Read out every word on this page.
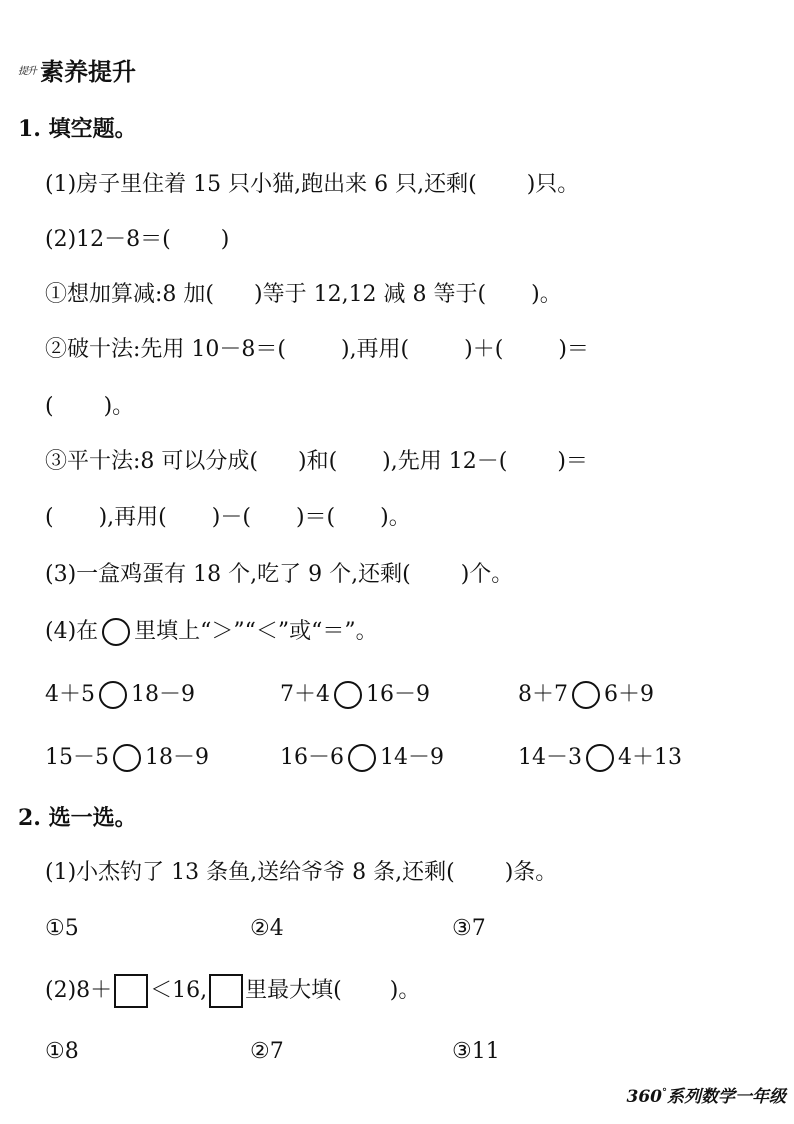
提升 素养提升
1. 填空题。
(1)房子里住着 15 只小猫,跑出来 6 只,还剩( )只。
(2)12－8＝( )
①想加算减:8 加( )等于 12,12 减 8 等于( )。
②破十法:先用 10－8＝(	),再用(	)＋(	)＝
( )。
③平十法:8 可以分成( )和( ),先用 12－( )＝
( ),再用( )－( )＝( )。
(3)一盒鸡蛋有 18 个,吃了 9 个,还剩( )个。
(4)在 里填上“＞”“＜”或“＝”。
4＋5 18－9	7＋4 16－9	8＋7 6＋9
15－5 18－9	16－6 14－9	14－3 4＋13
2. 选一选。
(1)小杰钓了 13 条鱼,送给爷爷 8 条,还剩( )条。
①5	②4	③7
(2)8＋ ＜16, 里最大填( )。
①8	②7	③11
360°系列数学一年级
